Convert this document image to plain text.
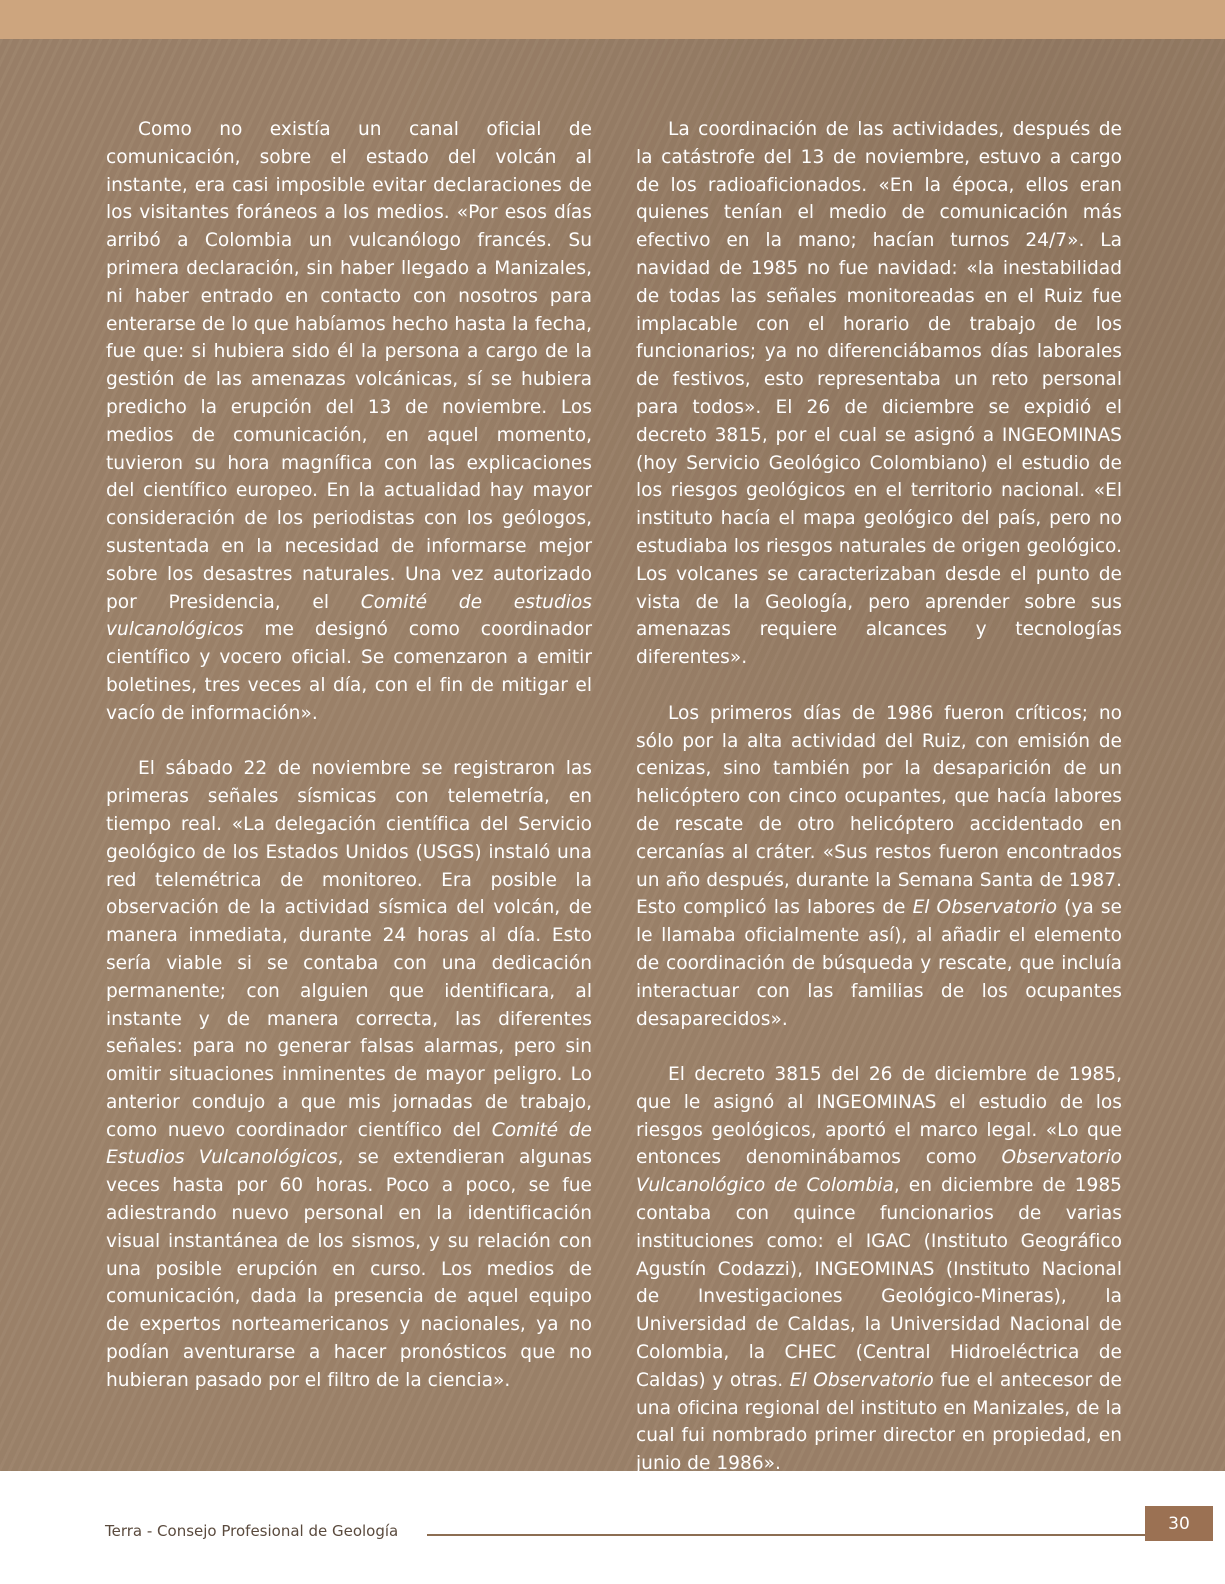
Como no existía un canal oficial de comunicación, sobre el estado del volcán al instante, era casi imposible evitar declaraciones de los visitantes foráneos a los medios. «Por esos días arribó a Colombia un vulcanólogo francés. Su primera declaración, sin haber llegado a Manizales, ni haber entrado en contacto con nosotros para enterarse de lo que habíamos hecho hasta la fecha, fue que: si hubiera sido él la persona a cargo de la gestión de las amenazas volcánicas, sí se hubiera predicho la erupción del 13 de noviembre. Los medios de comunicación, en aquel momento, tuvieron su hora magnífica con las explicaciones del científico europeo. En la actualidad hay mayor consideración de los periodistas con los geólogos, sustentada en la necesidad de informarse mejor sobre los desastres naturales. Una vez autorizado por Presidencia, el Comité de estudios vulcanológicos me designó como coordinador científico y vocero oficial. Se comenzaron a emitir boletines, tres veces al día, con el fin de mitigar el vacío de información».

El sábado 22 de noviembre se registraron las primeras señales sísmicas con telemetría, en tiempo real. «La delegación científica del Servicio geológico de los Estados Unidos (USGS) instaló una red telemétrica de monitoreo. Era posible la observación de la actividad sísmica del volcán, de manera inmediata, durante 24 horas al día. Esto sería viable si se contaba con una dedicación permanente; con alguien que identificara, al instante y de manera correcta, las diferentes señales: para no generar falsas alarmas, pero sin omitir situaciones inminentes de mayor peligro. Lo anterior condujo a que mis jornadas de trabajo, como nuevo coordinador científico del Comité de Estudios Vulcanológicos, se extendieran algunas veces hasta por 60 horas. Poco a poco, se fue adiestrando nuevo personal en la identificación visual instantánea de los sismos, y su relación con una posible erupción en curso. Los medios de comunicación, dada la presencia de aquel equipo de expertos norteamericanos y nacionales, ya no podían aventurarse a hacer pronósticos que no hubieran pasado por el filtro de la ciencia».

La coordinación de las actividades, después de la catástrofe del 13 de noviembre, estuvo a cargo de los radioaficionados. «En la época, ellos eran quienes tenían el medio de comunicación más efectivo en la mano; hacían turnos 24/7». La navidad de 1985 no fue navidad: «la inestabilidad de todas las señales monitoreadas en el Ruiz fue implacable con el horario de trabajo de los funcionarios; ya no diferenciábamos días laborales de festivos, esto representaba un reto personal para todos». El 26 de diciembre se expidió el decreto 3815, por el cual se asignó a INGEOMINAS (hoy Servicio Geológico Colombiano) el estudio de los riesgos geológicos en el territorio nacional. «El instituto hacía el mapa geológico del país, pero no estudiaba los riesgos naturales de origen geológico. Los volcanes se caracterizaban desde el punto de vista de la Geología, pero aprender sobre sus amenazas requiere alcances y tecnologías diferentes».

Los primeros días de 1986 fueron críticos; no sólo por la alta actividad del Ruiz, con emisión de cenizas, sino también por la desaparición de un helicóptero con cinco ocupantes, que hacía labores de rescate de otro helicóptero accidentado en cercanías al cráter. «Sus restos fueron encontrados un año después, durante la Semana Santa de 1987. Esto complicó las labores de El Observatorio (ya se le llamaba oficialmente así), al añadir el elemento de coordinación de búsqueda y rescate, que incluía interactuar con las familias de los ocupantes desaparecidos».

El decreto 3815 del 26 de diciembre de 1985, que le asignó al INGEOMINAS el estudio de los riesgos geológicos, aportó el marco legal. «Lo que entonces denominábamos como Observatorio Vulcanológico de Colombia, en diciembre de 1985 contaba con quince funcionarios de varias instituciones como: el IGAC (Instituto Geográfico Agustín Codazzi), INGEOMINAS (Instituto Nacional de Investigaciones Geológico-Mineras), la Universidad de Caldas, la Universidad Nacional de Colombia, la CHEC (Central Hidroeléctrica de Caldas) y otras. El Observatorio fue el antecesor de una oficina regional del instituto en Manizales, de la cual fui nombrado primer director en propiedad, en junio de 1986».

Terra - Consejo Profesional de Geología	30
